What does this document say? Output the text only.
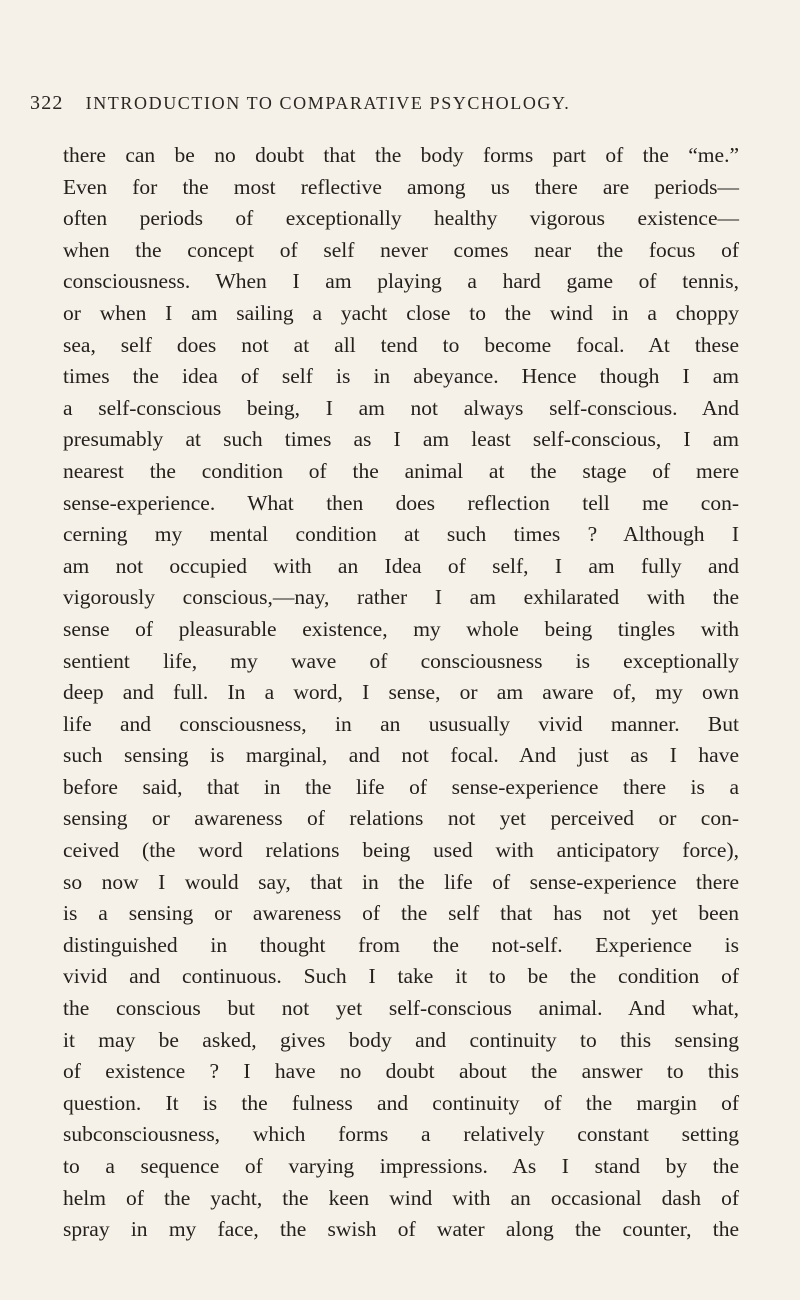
322 INTRODUCTION TO COMPARATIVE PSYCHOLOGY.
there can be no doubt that the body forms part of the “me.”
Even for the most reflective among us there are periods—
often periods of exceptionally healthy vigorous existence—
when the concept of self never comes near the focus of
consciousness. When I am playing a hard game of tennis,
or when I am sailing a yacht close to the wind in a choppy
sea, self does not at all tend to become focal. At these
times the idea of self is in abeyance. Hence though I am
a self-conscious being, I am not always self-conscious. And
presumably at such times as I am least self-conscious, I am
nearest the condition of the animal at the stage of mere
sense-experience. What then does reflection tell me con-
cerning my mental condition at such times ? Although I
am not occupied with an Idea of self, I am fully and
vigorously conscious,—nay, rather I am exhilarated with the
sense of pleasurable existence, my whole being tingles with
sentient life, my wave of consciousness is exceptionally
deep and full. In a word, I sense, or am aware of, my own
life and consciousness, in an ususually vivid manner. But
such sensing is marginal, and not focal. And just as I have
before said, that in the life of sense-experience there is a
sensing or awareness of relations not yet perceived or con-
ceived (the word relations being used with anticipatory force),
so now I would say, that in the life of sense-experience there
is a sensing or awareness of the self that has not yet been
distinguished in thought from the not-self. Experience is
vivid and continuous. Such I take it to be the condition of
the conscious but not yet self-conscious animal. And what,
it may be asked, gives body and continuity to this sensing
of existence ? I have no doubt about the answer to this
question. It is the fulness and continuity of the margin of
subconsciousness, which forms a relatively constant setting
to a sequence of varying impressions. As I stand by the
helm of the yacht, the keen wind with an occasional dash of
spray in my face, the swish of water along the counter, the
